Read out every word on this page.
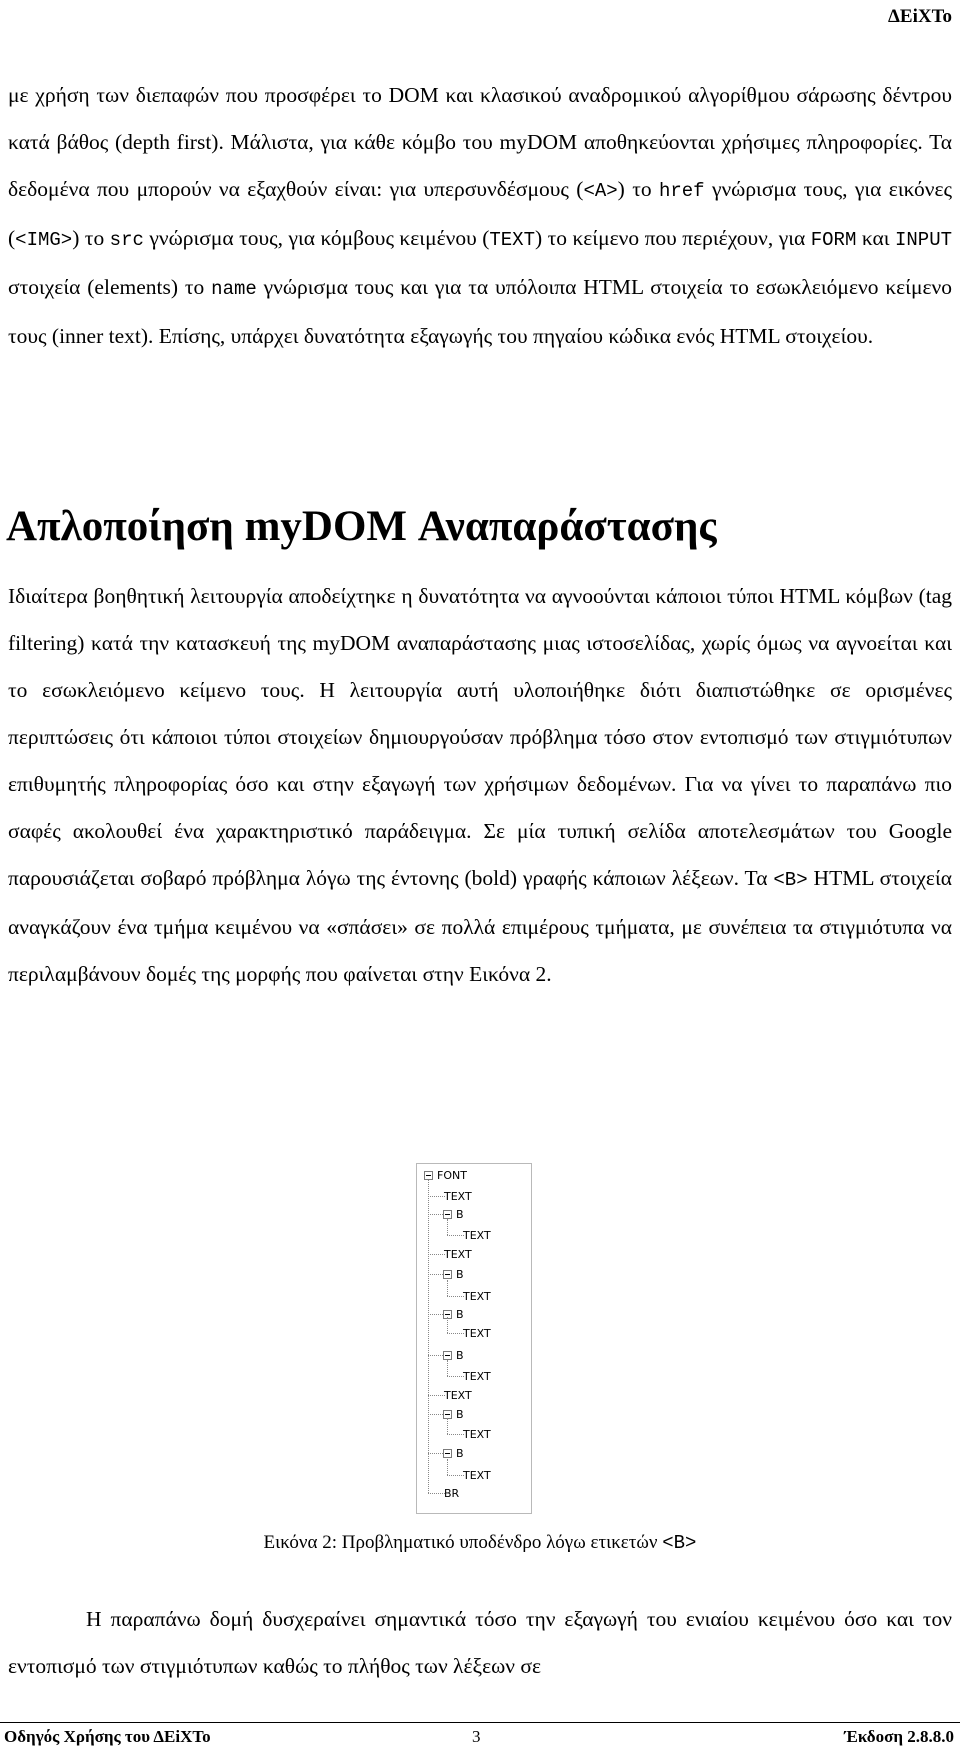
ΔΕiXTo

με χρήση των διεπαφών που προσφέρει το DOM και κλασικού αναδρομικού αλγορίθμου σάρωσης δέντρου κατά βάθος (depth first). Μάλιστα, για κάθε κόμβο του myDOM αποθηκεύονται χρήσιμες πληροφορίες. Τα δεδομένα που μπορούν να εξαχθούν είναι: για υπερσυνδέσμους (<A>) το href γνώρισμα τους, για εικόνες (<IMG>) το src γνώρισμα τους, για κόμβους κειμένου (TEXT) το κείμενο που περιέχουν, για FORM και INPUT στοιχεία (elements) το name γνώρισμα τους και για τα υπόλοιπα HTML στοιχεία το εσωκλειόμενο κείμενο τους (inner text). Επίσης, υπάρχει δυνατότητα εξαγωγής του πηγαίου κώδικα ενός HTML στοιχείου.

Απλοποίηση myDOM Αναπαράστασης

Ιδιαίτερα βοηθητική λειτουργία αποδείχτηκε η δυνατότητα να αγνοούνται κάποιοι τύποι HTML κόμβων (tag filtering) κατά την κατασκευή της myDOM αναπαράστασης μιας ιστοσελίδας, χωρίς όμως να αγνοείται και το εσωκλειόμενο κείμενο τους. Η λειτουργία αυτή υλοποιήθηκε διότι διαπιστώθηκε σε ορισμένες περιπτώσεις ότι κάποιοι τύποι στοιχείων δημιουργούσαν πρόβλημα τόσο στον εντοπισμό των στιγμιότυπων επιθυμητής πληροφορίας όσο και στην εξαγωγή των χρήσιμων δεδομένων. Για να γίνει το παραπάνω πιο σαφές ακολουθεί ένα χαρακτηριστικό παράδειγμα. Σε μία τυπική σελίδα αποτελεσμάτων του Google παρουσιάζεται σοβαρό πρόβλημα λόγω της έντονης (bold) γραφής κάποιων λέξεων. Τα <B> HTML στοιχεία αναγκάζουν ένα τμήμα κειμένου να «σπάσει» σε πολλά επιμέρους τμήματα, με συνέπεια τα στιγμιότυπα να περιλαμβάνουν δομές της μορφής που φαίνεται στην Εικόνα 2.

FONT
TEXT
B
TEXT
TEXT
B
TEXT
B
TEXT
B
TEXT
TEXT
B
TEXT
B
TEXT
BR

Εικόνα 2: Προβληματικό υποδένδρο λόγω ετικετών <B>

Η παραπάνω δομή δυσχεραίνει σημαντικά τόσο την εξαγωγή του ενιαίου κειμένου όσο και τον εντοπισμό των στιγμιότυπων καθώς το πλήθος των λέξεων σε

Οδηγός Χρήσης του ΔΕiXTo	3	Έκδοση 2.8.8.0
